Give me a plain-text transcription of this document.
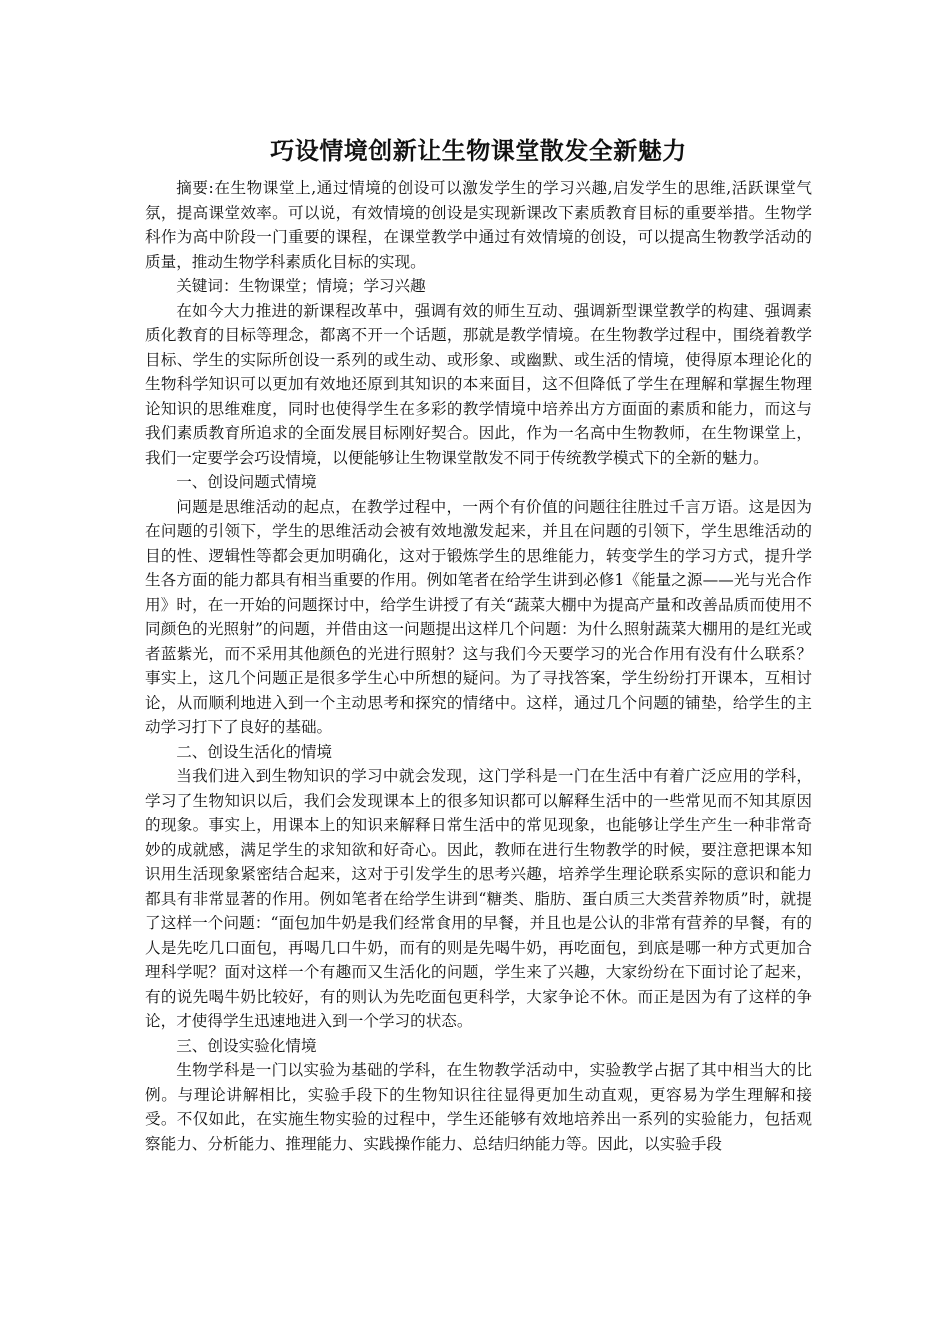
巧设情境创新让生物课堂散发全新魅力

摘要:在生物课堂上,通过情境的创设可以激发学生的学习兴趣,启发学生的思维,活跃课堂气氛，提高课堂效率。可以说，有效情境的创设是实现新课改下素质教育目标的重要举措。生物学科作为高中阶段一门重要的课程，在课堂教学中通过有效情境的创设，可以提高生物教学活动的质量，推动生物学科素质化目标的实现。

关键词：生物课堂；情境；学习兴趣

在如今大力推进的新课程改革中，强调有效的师生互动、强调新型课堂教学的构建、强调素质化教育的目标等理念，都离不开一个话题，那就是教学情境。在生物教学过程中，围绕着教学目标、学生的实际所创设一系列的或生动、或形象、或幽默、或生活的情境，使得原本理论化的生物科学知识可以更加有效地还原到其知识的本来面目，这不但降低了学生在理解和掌握生物理论知识的思维难度，同时也使得学生在多彩的教学情境中培养出方方面面的素质和能力，而这与我们素质教育所追求的全面发展目标刚好契合。因此，作为一名高中生物教师，在生物课堂上，我们一定要学会巧设情境，以便能够让生物课堂散发不同于传统教学模式下的全新的魅力。

一、创设问题式情境

问题是思维活动的起点，在教学过程中，一两个有价值的问题往往胜过千言万语。这是因为在问题的引领下，学生的思维活动会被有效地激发起来，并且在问题的引领下，学生思维活动的目的性、逻辑性等都会更加明确化，这对于锻炼学生的思维能力，转变学生的学习方式，提升学生各方面的能力都具有相当重要的作用。例如笔者在给学生讲到必修1《能量之源——光与光合作用》时，在一开始的问题探讨中，给学生讲授了有关“蔬菜大棚中为提高产量和改善品质而使用不同颜色的光照射”的问题，并借由这一问题提出这样几个问题：为什么照射蔬菜大棚用的是红光或者蓝紫光，而不采用其他颜色的光进行照射？这与我们今天要学习的光合作用有没有什么联系？事实上，这几个问题正是很多学生心中所想的疑问。为了寻找答案，学生纷纷打开课本，互相讨论，从而顺利地进入到一个主动思考和探究的情绪中。这样，通过几个问题的铺垫，给学生的主动学习打下了良好的基础。

二、创设生活化的情境

当我们进入到生物知识的学习中就会发现，这门学科是一门在生活中有着广泛应用的学科，学习了生物知识以后，我们会发现课本上的很多知识都可以解释生活中的一些常见而不知其原因的现象。事实上，用课本上的知识来解释日常生活中的常见现象，也能够让学生产生一种非常奇妙的成就感，满足学生的求知欲和好奇心。因此，教师在进行生物教学的时候，要注意把课本知识用生活现象紧密结合起来，这对于引发学生的思考兴趣，培养学生理论联系实际的意识和能力都具有非常显著的作用。例如笔者在给学生讲到“糖类、脂肪、蛋白质三大类营养物质”时，就提了这样一个问题：“面包加牛奶是我们经常食用的早餐，并且也是公认的非常有营养的早餐，有的人是先吃几口面包，再喝几口牛奶，而有的则是先喝牛奶，再吃面包，到底是哪一种方式更加合理科学呢？面对这样一个有趣而又生活化的问题，学生来了兴趣，大家纷纷在下面讨论了起来，有的说先喝牛奶比较好，有的则认为先吃面包更科学，大家争论不休。而正是因为有了这样的争论，才使得学生迅速地进入到一个学习的状态。

三、创设实验化情境

生物学科是一门以实验为基础的学科，在生物教学活动中，实验教学占据了其中相当大的比例。与理论讲解相比，实验手段下的生物知识往往显得更加生动直观，更容易为学生理解和接受。不仅如此，在实施生物实验的过程中，学生还能够有效地培养出一系列的实验能力，包括观察能力、分析能力、推理能力、实践操作能力、总结归纳能力等。因此，以实验手段
